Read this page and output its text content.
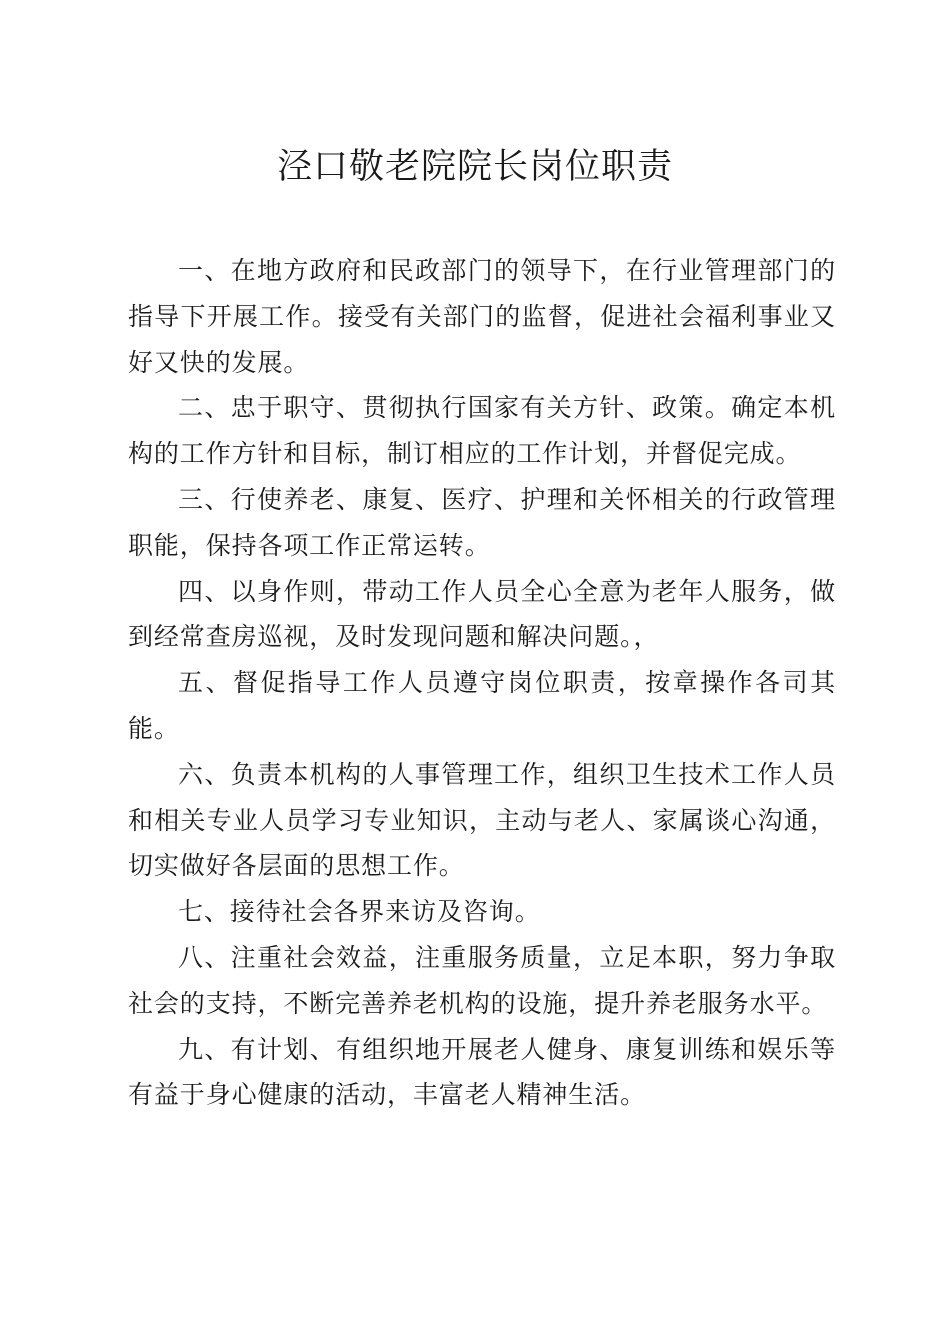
泾口敬老院院长岗位职责

一、在地方政府和民政部门的领导下，在行业管理部门的指导下开展工作。接受有关部门的监督，促进社会福利事业又好又快的发展。

二、忠于职守、贯彻执行国家有关方针、政策。确定本机构的工作方针和目标，制订相应的工作计划，并督促完成。

三、行使养老、康复、医疗、护理和关怀相关的行政管理职能，保持各项工作正常运转。

四、以身作则，带动工作人员全心全意为老年人服务，做到经常查房巡视，及时发现问题和解决问题。，

五、督促指导工作人员遵守岗位职责，按章操作各司其能。

六、负责本机构的人事管理工作，组织卫生技术工作人员和相关专业人员学习专业知识，主动与老人、家属谈心沟通，切实做好各层面的思想工作。

七、接待社会各界来访及咨询。

八、注重社会效益，注重服务质量，立足本职，努力争取社会的支持，不断完善养老机构的设施，提升养老服务水平。

九、有计划、有组织地开展老人健身、康复训练和娱乐等有益于身心健康的活动，丰富老人精神生活。
